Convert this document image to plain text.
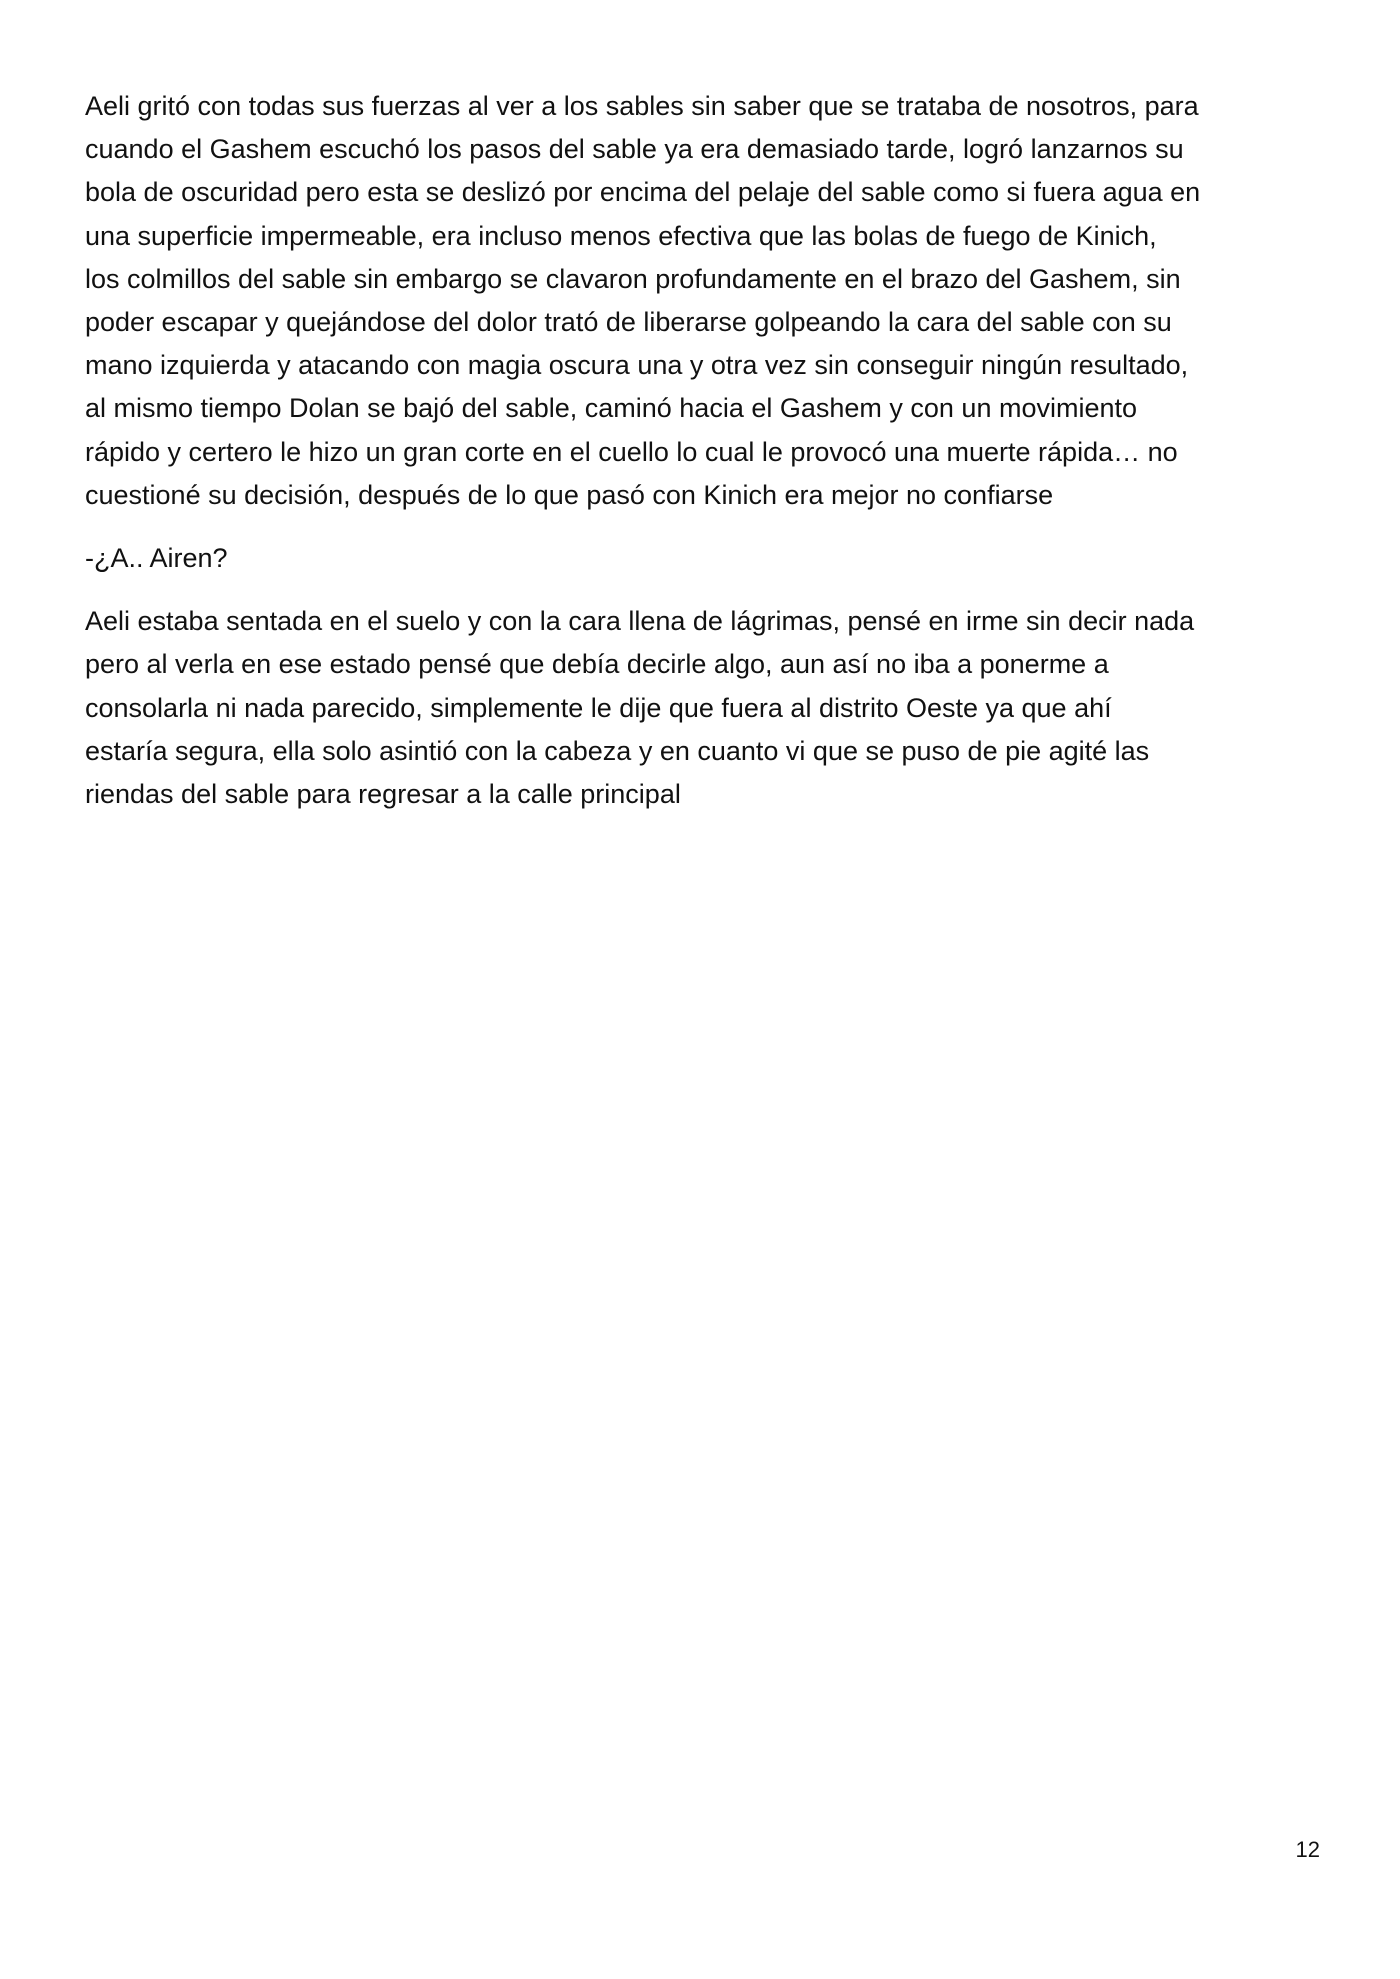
Aeli gritó con todas sus fuerzas al ver a los sables sin saber que se trataba de nosotros, para
cuando el Gashem escuchó los pasos del sable ya era demasiado tarde, logró lanzarnos su
bola de oscuridad pero esta se deslizó por encima del pelaje del sable como si fuera agua en
una superficie impermeable, era incluso menos efectiva que las bolas de fuego de Kinich,
los colmillos del sable sin embargo se clavaron profundamente en el brazo del Gashem, sin
poder escapar y quejándose del dolor trató de liberarse golpeando la cara del sable con su
mano izquierda y atacando con magia oscura una y otra vez sin conseguir ningún resultado,
al mismo tiempo Dolan se bajó del sable, caminó hacia el Gashem y con un movimiento
rápido y certero le hizo un gran corte en el cuello lo cual le provocó una muerte rápida… no
cuestioné su decisión, después de lo que pasó con Kinich era mejor no confiarse

-¿A.. Airen?

Aeli estaba sentada en el suelo y con la cara llena de lágrimas, pensé en irme sin decir nada
pero al verla en ese estado pensé que debía decirle algo, aun así no iba a ponerme a
consolarla ni nada parecido, simplemente le dije que fuera al distrito Oeste ya que ahí
estaría segura, ella solo asintió con la cabeza y en cuanto vi que se puso de pie agité las
riendas del sable para regresar a la calle principal

12
